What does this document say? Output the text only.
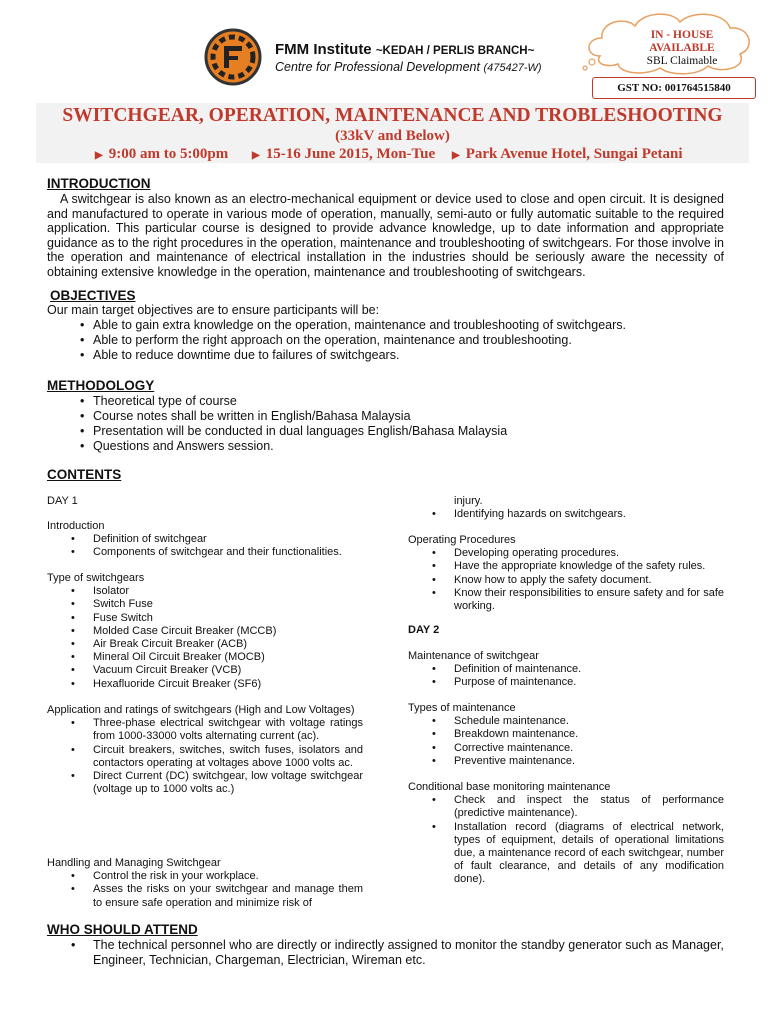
FMM Institute ~KEDAH / PERLIS BRANCH~
Centre for Professional Development (475427-W)
IN - HOUSE
AVAILABLE
SBL Claimable
GST NO: 001764515840
SWITCHGEAR, OPERATION, MAINTENANCE AND TROBLESHOOTING
(33kV and Below)
▶ 9:00 am to 5:00pm ▶ 15-16 June 2015, Mon-Tue ▶ Park Avenue Hotel, Sungai Petani
INTRODUCTION
A switchgear is also known as an electro-mechanical equipment or device used to close and open circuit. It is designed and manufactured to operate in various mode of operation, manually, semi-auto or fully automatic suitable to the required application. This particular course is designed to provide advance knowledge, up to date information and appropriate guidance as to the right procedures in the operation, maintenance and troubleshooting of switchgears. For those involve in the operation and maintenance of electrical installation in the industries should be seriously aware the necessity of obtaining extensive knowledge in the operation, maintenance and troubleshooting of switchgears.
OBJECTIVES
Our main target objectives are to ensure participants will be:
• Able to gain extra knowledge on the operation, maintenance and troubleshooting of switchgears.
• Able to perform the right approach on the operation, maintenance and troubleshooting.
• Able to reduce downtime due to failures of switchgears.
METHODOLOGY
• Theoretical type of course
• Course notes shall be written in English/Bahasa Malaysia
• Presentation will be conducted in dual languages English/Bahasa Malaysia
• Questions and Answers session.
CONTENTS
DAY 1
Introduction
• Definition of switchgear
• Components of switchgear and their functionalities.
Type of switchgears
• Isolator
• Switch Fuse
• Fuse Switch
• Molded Case Circuit Breaker (MCCB)
• Air Break Circuit Breaker (ACB)
• Mineral Oil Circuit Breaker (MOCB)
• Vacuum Circuit Breaker (VCB)
• Hexafluoride Circuit Breaker (SF6)
Application and ratings of switchgears (High and Low Voltages)
• Three-phase electrical switchgear with voltage ratings from 1000-33000 volts alternating current (ac).
• Circuit breakers, switches, switch fuses, isolators and contactors operating at voltages above 1000 volts ac.
• Direct Current (DC) switchgear, low voltage switchgear (voltage up to 1000 volts ac.)
Handling and Managing Switchgear
• Control the risk in your workplace.
• Asses the risks on your switchgear and manage them to ensure safe operation and minimize risk of
injury.
• Identifying hazards on switchgears.
Operating Procedures
• Developing operating procedures.
• Have the appropriate knowledge of the safety rules.
• Know how to apply the safety document.
• Know their responsibilities to ensure safety and for safe working.
DAY 2
Maintenance of switchgear
• Definition of maintenance.
• Purpose of maintenance.
Types of maintenance
• Schedule maintenance.
• Breakdown maintenance.
• Corrective maintenance.
• Preventive maintenance.
Conditional base monitoring maintenance
• Check and inspect the status of performance (predictive maintenance).
• Installation record (diagrams of electrical network, types of equipment, details of operational limitations due, a maintenance record of each switchgear, number of fault clearance, and details of any modification done).
WHO SHOULD ATTEND
• The technical personnel who are directly or indirectly assigned to monitor the standby generator such as Manager, Engineer, Technician, Chargeman, Electrician, Wireman etc.
